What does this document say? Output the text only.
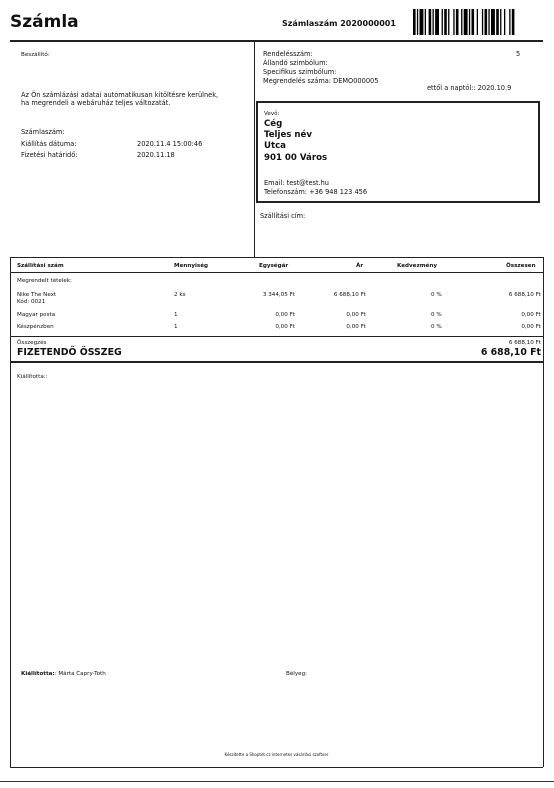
Számla	Számlaszám 2020000001
Beszállító:
Az Ön számlázási adatai automatikusan kitöltésre kerülnek,
ha megrendeli a webáruház teljes változatát.
Számlaszám:
Kiállítás dátuma:	2020.11.4 15:00:46
Fizetési határidő:	2020.11.18
Rendelésszám:	5
Állandó szimbólum:
Specifikus szimbólum:
Megrendelés száma: DEMO000005
ettől a naptól:: 2020.10.9
Vevő:
Cég
Teljes név
Utca
901 00 Város
Email: test@test.hu
Telefonszám: +36 948 123 456
Szállítási cím:
Szállítási szám	Mennyiség	Egységár	Ár	Kedvezmény	Összesen
Megrendelt tételek:
Nike The Next
Kód: 0021
2 ks	3 344,05 Ft	6 688,10 Ft	0 %	6 688,10 Ft
Magyar posta	1	0,00 Ft	0,00 Ft	0 %	0,00 Ft
Készpénzben	1	0,00 Ft	0,00 Ft	0 %	0,00 Ft
Összegzés	6 688,10 Ft
FIZETENDŐ ÖSSZEG	6 688,10 Ft
Kiállította::
Kiállította:: Márta Capry-Toth	Bélyeg:
Készítette a Shoptet.cz internetes vásárlási szoftver
